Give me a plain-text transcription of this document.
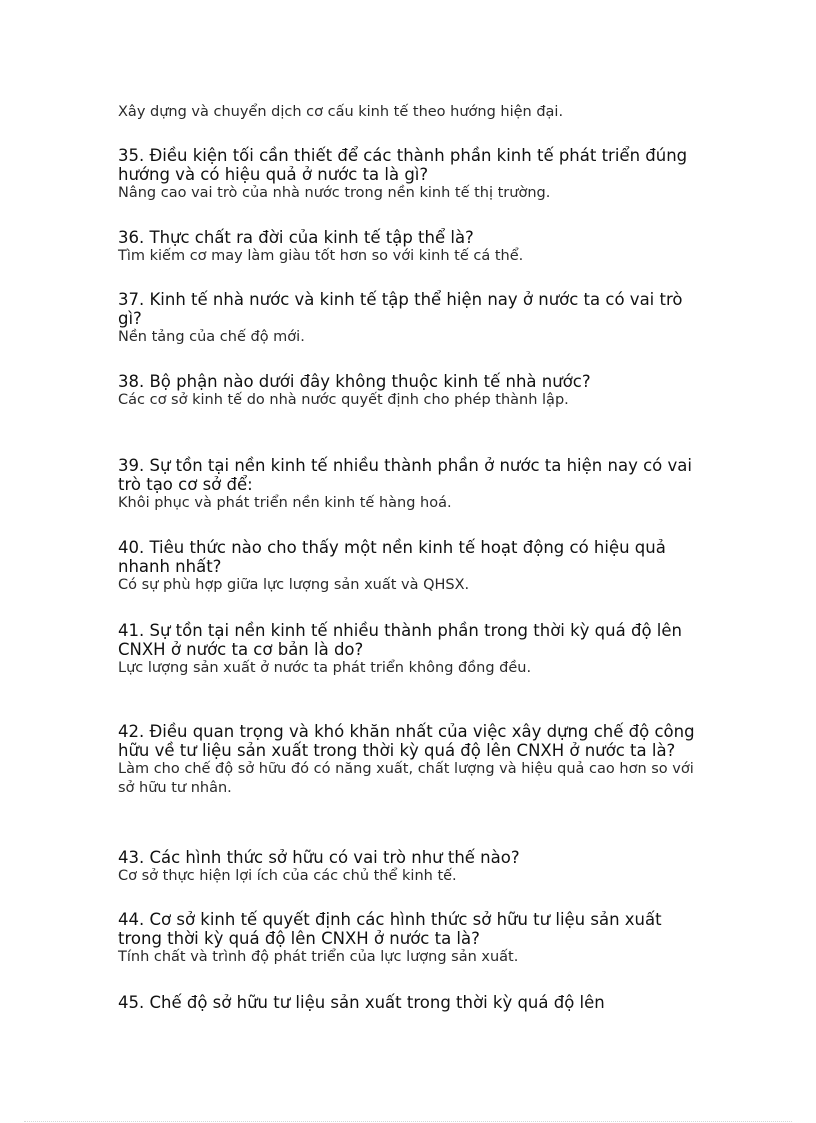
Xây dựng và chuyển dịch cơ cấu kinh tế theo hướng hiện đại.

35. Điều kiện tối cần thiết để các thành phần kinh tế phát triển đúng hướng và có hiệu quả ở nước ta là gì?

Nâng cao vai trò của nhà nước trong nền kinh tế thị trường.

36. Thực chất ra đời của kinh tế tập thể là?

Tìm kiếm cơ may làm giàu tốt hơn so với kinh tế cá thể.

37. Kinh tế nhà nước và kinh tế tập thể hiện nay ở nước ta có vai trò gì?

Nền tảng của chế độ mới.

38. Bộ phận nào dưới đây không thuộc kinh tế nhà nước?

Các cơ sở kinh tế do nhà nước quyết định cho phép thành lập.

39. Sự tồn tại nền kinh tế nhiều thành phần ở nước ta hiện nay có vai trò tạo cơ sở để:

Khôi phục và phát triển nền kinh tế hàng hoá.

40. Tiêu thức nào cho thấy một nền kinh tế hoạt động có hiệu quả nhanh nhất?

Có sự phù hợp giữa lực lượng sản xuất và QHSX.

41. Sự tồn tại nền kinh tế nhiều thành phần trong thời kỳ quá độ lên CNXH ở nước ta cơ bản là do?

Lực lượng sản xuất ở nước ta phát triển không đồng đều.

42. Điều quan trọng và khó khăn nhất của việc xây dựng chế độ công hữu về tư liệu sản xuất trong thời kỳ quá độ lên CNXH ở nước ta là?

Làm cho chế độ sở hữu đó có năng xuất, chất lượng và hiệu quả cao hơn so với sở hữu tư nhân.

43. Các hình thức sở hữu có vai trò như thế nào?

Cơ sở thực hiện lợi ích của các chủ thể kinh tế.

44. Cơ sở kinh tế quyết định các hình thức sở hữu tư liệu sản xuất trong thời kỳ quá độ lên CNXH ở nước ta là?

Tính chất và trình độ phát triển của lực lượng sản xuất.

45. Chế độ sở hữu tư liệu sản xuất trong thời kỳ quá độ lên
